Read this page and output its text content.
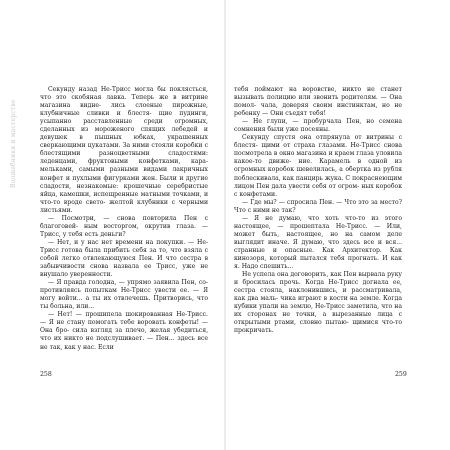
Волшебники и мастерство

Секунду назад Не-Трисс могла бы поклясться, что это скобяная лавка. Теперь же в витрине магазина видне- лись слоеные пирожные, клубничные сливки и блестя- щие пудинги, усыпанно расставленные среди огромных, сделанных из мороженого спящих лебедей и девушек в пышных юбках, украшенных сверкающими цукатами. За ними стояли коробки с блестящими разноцветными	сладостями: леденцами, фруктовыми конфетками, кара- мельками, самыми разными видами лакричных конфет и пухлыми фигурками жен. Были и другие сладости, незнакомые: крошечные серебристые яйца, камешки, испещренные матными точками, и что-то вроде свето- желтой клубники с черными листьями.

— Посмотри, — снова повторила Пен с благоговей- ным восторгом, окрутив глаза. — Трисс, у тебя есть деньги?

— Нет, и у нас нет времени на покупки. — Не-Трисс готова была прибить себя за то, что взяла с собой легко отвлекающуюся Пен. И что сестра в забывчивости снова назвала ее Трисс, уже не внушало уверенности.

— Я правда голодна, — упрямо заявила Пен, со- противляясь попыткам Не-Трисс увести ее. — Я могу войти... а ты их отвлечешь. Притворись, что ты больна, или...

— Нет! — прошипела шокированная Не-Трисс. — Я не стану помогать тебе воровать конфеты! — Она бро- сила взгляд за плечо, желая убедиться, что их никто не подслушивает. — Пен... здесь все не так, как у нас. Если

тебя поймают на воровстве, никто не станет вызывать полицию или звонить родителям. — Она помол- чала, доверяя своим инстинктам, но не ребенку — Они съедят тебя!

— Не глупи, — пробурчала Пен, но семена сомнения были уже посеяны.

Секунду спустя она отпрянула от витрины с блестя- щими от страха глазами. Не-Трисс снова посмотрела в окно магазина и краем глаза уловила какое-то движе- ние. Карамель в одной из огромных коробок шевелилась, а обертка из рубля поблескивала, как панцирь жука. С покраснеющим лицом Пен дала увести себя от огром- ных коробок с конфетами.

— Где мы? — спросила Пен. — Что это за место? Что с ними не так?

— Я не думаю, что хоть что-то из этого настоящее, — прошептала Не-Трисс. — Или, может быть, настоящее, но на самом деле выглядит иначе. Я думаю, что здесь все и вся... странные и опасные. Как Архитектор. Как кинозоря, который пытался тебя прогнать. И как я. Надо спешить...

Не успела она договорить, как Пен вырвала руку и бросилась прочь. Когда Не-Трисс догнала ее, сестра стояла, наклонившись, и рассматривала, как два маль- чика играют в кости на земле. Когда кубики упали на землю, Не-Трисс заметила, что на их сторонах не точки, а вырезанные лица с открытыми ртами, словно пытаю- щимися что-то прокричать.

258	259
